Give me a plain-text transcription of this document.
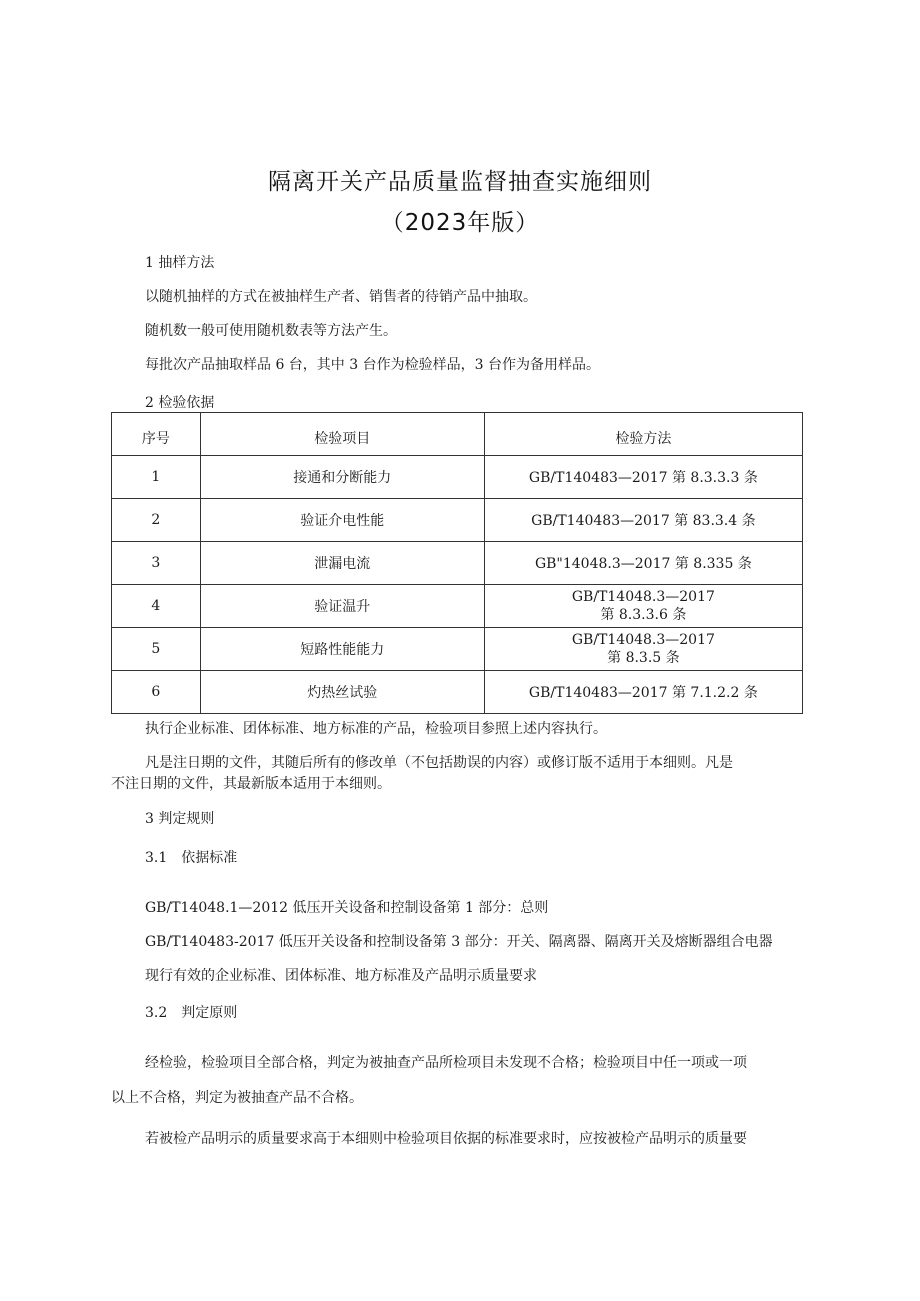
隔离开关产品质量监督抽查实施细则
（2023年版）
1 抽样方法
以随机抽样的方式在被抽样生产者、销售者的待销产品中抽取。
随机数一般可使用随机数表等方法产生。
每批次产品抽取样品 6 台，其中 3 台作为检验样品，3 台作为备用样品。
2 检验依据
序号	检验项目	检验方法
1	接通和分断能力	GB/T140483—2017 第 8.3.3.3 条
2	验证介电性能	GB/T140483—2017 第 83.3.4 条
3	泄漏电流	GB"14048.3—2017 第 8.335 条
4	验证温升	GB/T14048.3—2017
第 8.3.3.6 条

5	短路性能能力	GB/T14048.3—2017
第 8.3.5 条

6	灼热丝试验	GB/T140483—2017 第 7.1.2.2 条
执行企业标准、团体标准、地方标准的产品，检验项目参照上述内容执行。
凡是注日期的文件，其随后所有的修改单（不包括勘误的内容）或修订版不适用于本细则。凡是
不注日期的文件，其最新版本适用于本细则。
3 判定规则
3.1　依据标准
GB/T14048.1—2012 低压开关设备和控制设备第 1 部分：总则
GB/T140483-2017 低压开关设备和控制设备第 3 部分：开关、隔离器、隔离开关及熔断器组合电器
现行有效的企业标准、团体标准、地方标准及产品明示质量要求
3.2　判定原则
经检验，检验项目全部合格，判定为被抽查产品所检项目未发现不合格；检验项目中任一项或一项
以上不合格，判定为被抽查产品不合格。
若被检产品明示的质量要求高于本细则中检验项目依据的标准要求时，应按被检产品明示的质量要
